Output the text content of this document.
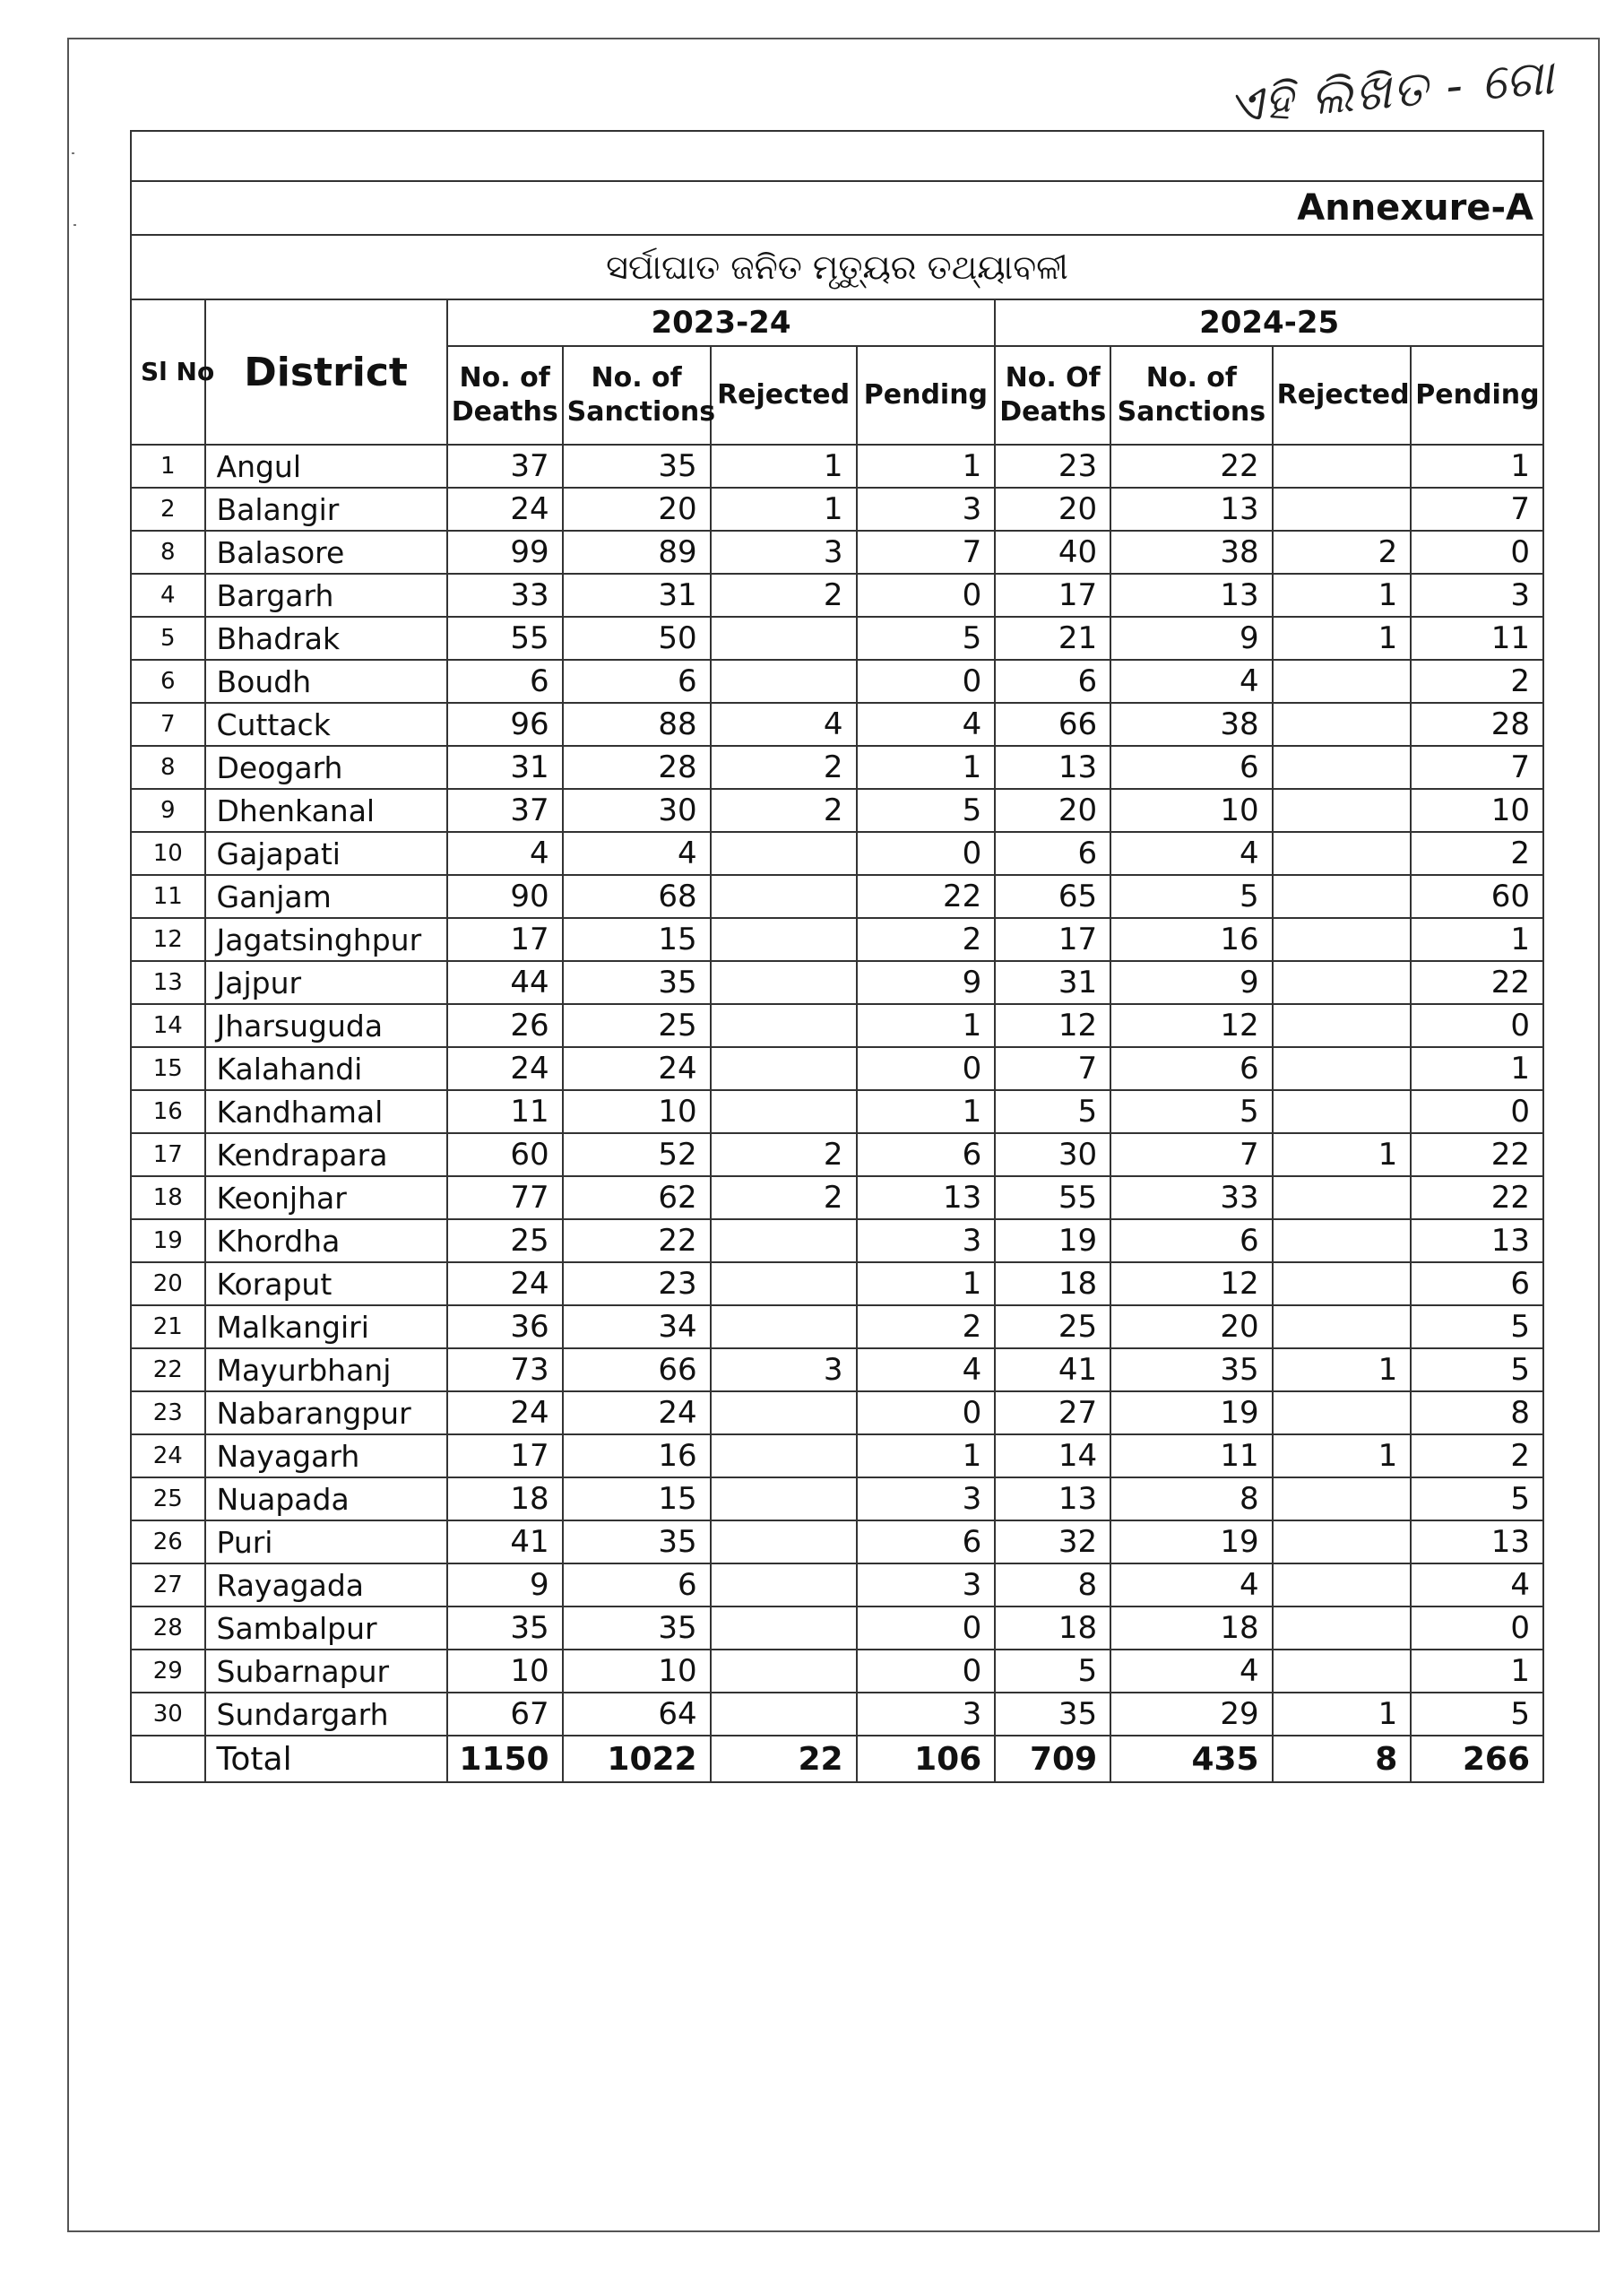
ଏହି ଲିଖିତ - ଗୋ

Annexure-A									
ସର୍ପାଘାତ ଜନିତ ମୃତ୍ୟୁର ତଥ୍ୟାବଳୀ									
Sl No	District	2023-24				2024-25			
		No. of Deaths	No. of Sanctions	Rejected	Pending	No. Of Deaths	No. of Sanctions	Rejected	Pending
1	Angul	37	35	1	1	23	22		1
2	Balangir	24	20	1	3	20	13		7
8	Balasore	99	89	3	7	40	38	2	0
4	Bargarh	33	31	2	0	17	13	1	3
5	Bhadrak	55	50		5	21	9	1	11
6	Boudh	6	6		0	6	4		2
7	Cuttack	96	88	4	4	66	38		28
8	Deogarh	31	28	2	1	13	6		7
9	Dhenkanal	37	30	2	5	20	10		10
10	Gajapati	4	4		0	6	4		2
11	Ganjam	90	68		22	65	5		60
12	Jagatsinghpur	17	15		2	17	16		1
13	Jajpur	44	35		9	31	9		22
14	Jharsuguda	26	25		1	12	12		0
15	Kalahandi	24	24		0	7	6		1
16	Kandhamal	11	10		1	5	5		0
17	Kendrapara	60	52	2	6	30	7	1	22
18	Keonjhar	77	62	2	13	55	33		22
19	Khordha	25	22		3	19	6		13
20	Koraput	24	23		1	18	12		6
21	Malkangiri	36	34		2	25	20		5
22	Mayurbhanj	73	66	3	4	41	35	1	5
23	Nabarangpur	24	24		0	27	19		8
24	Nayagarh	17	16		1	14	11	1	2
25	Nuapada	18	15		3	13	8		5
26	Puri	41	35		6	32	19		13
27	Rayagada	9	6		3	8	4		4
28	Sambalpur	35	35		0	18	18		0
29	Subarnapur	10	10		0	5	4		1
30	Sundargarh	67	64		3	35	29	1	5
	Total	1150	1022	22	106	709	435	8	266
